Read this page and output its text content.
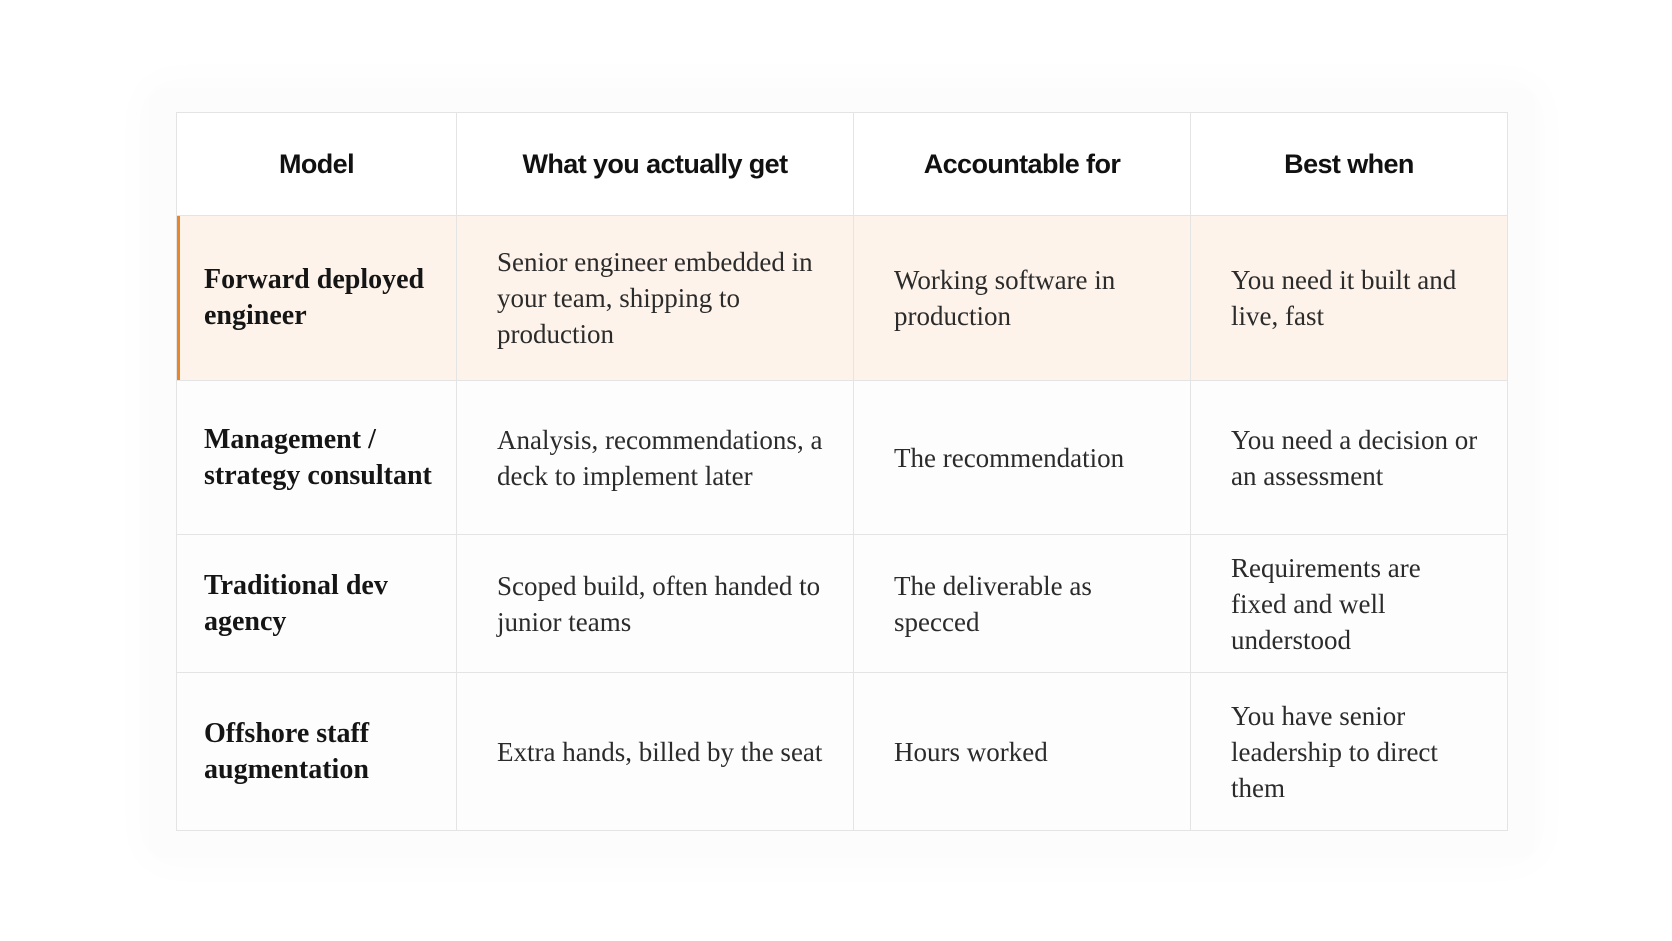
Model	What you actually get	Accountable for	Best when
Forward deployed engineer	Senior engineer embedded in your team, shipping to production	Working software in production	You need it built and live, fast
Management / strategy consultant	Analysis, recommendations, a deck to implement later	The recommendation	You need a decision or an assessment
Traditional dev agency	Scoped build, often handed to junior teams	The deliverable as specced	Requirements are fixed and well understood
Offshore staff augmentation	Extra hands, billed by the seat	Hours worked	You have senior leadership to direct them
